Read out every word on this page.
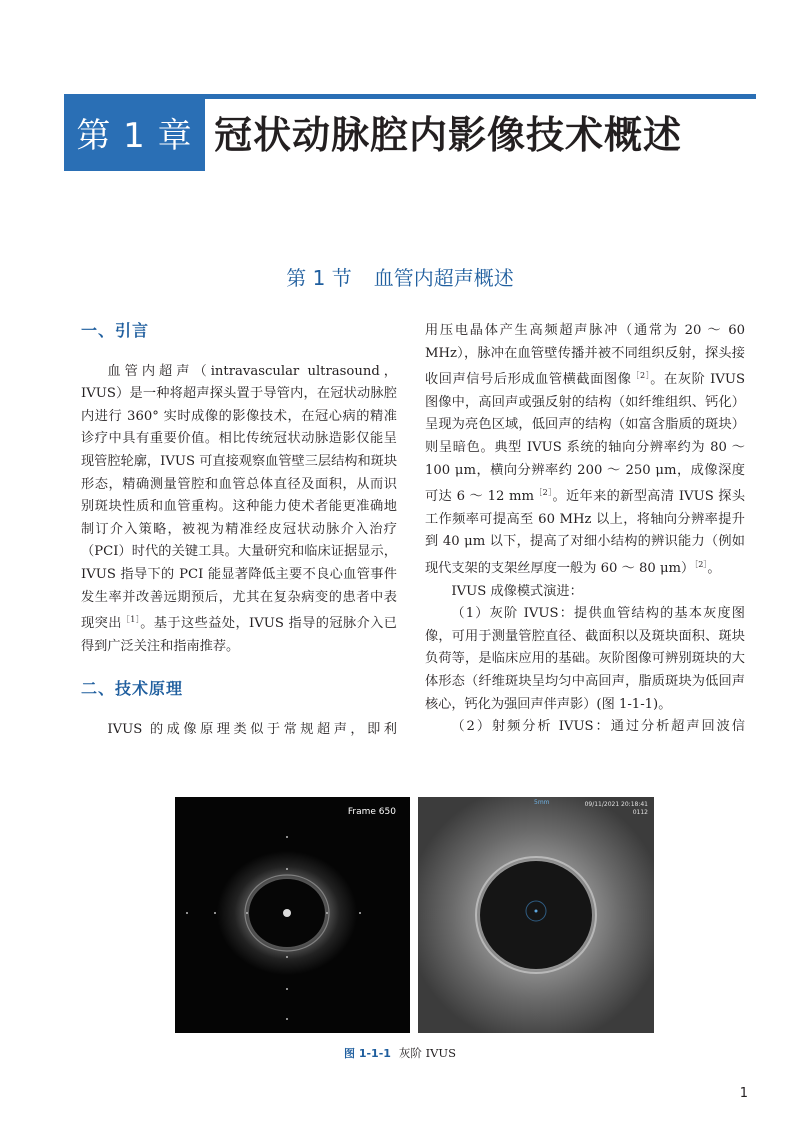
第 1 章 冠状动脉腔内影像技术概述
第 1 节 血管内超声概述

一、引言

血管内超声（intravascular ultrasound，IVUS）是一种将超声探头置于导管内，在冠状动脉腔内进行 360° 实时成像的影像技术，在冠心病的精准诊疗中具有重要价值。相比传统冠状动脉造影仅能呈现管腔轮廓，IVUS 可直接观察血管壁三层结构和斑块形态，精确测量管腔和血管总体直径及面积，从而识别斑块性质和血管重构。这种能力使术者能更准确地制订介入策略，被视为精准经皮冠状动脉介入治疗（PCI）时代的关键工具。大量研究和临床证据显示，IVUS 指导下的 PCI 能显著降低主要不良心血管事件发生率并改善远期预后，尤其在复杂病变的患者中表现突出$^{[1]}$。基于这些益处，IVUS 指导的冠脉介入已得到广泛关注和指南推荐。

二、技术原理

IVUS 的成像原理类似于常规超声，即利

用压电晶体产生高频超声脉冲（通常为 20 ～ 60 MHz），脉冲在血管壁传播并被不同组织反射，探头接收回声信号后形成血管横截面图像$^{[2]}$。在灰阶 IVUS 图像中，高回声或强反射的结构（如纤维组织、钙化）呈现为亮色区域，低回声的结构（如富含脂质的斑块）则呈暗色。典型 IVUS 系统的轴向分辨率约为 80 ～ 100 μm，横向分辨率约 200 ～ 250 μm，成像深度可达 6 ～ 12 $mm^{[2]}$。近年来的新型高清 IVUS 探头工作频率可提高至 60 MHz 以上，将轴向分辨率提升到 40 μm 以下，提高了对细小结构的辨识能力（例如现代支架的支架丝厚度一般为 60 ～ 80 μm）$^{[2]}$。

IVUS 成像模式演进：

（1）灰阶 IVUS：提供血管结构的基本灰度图像，可用于测量管腔直径、截面积以及斑块面积、斑块负荷等，是临床应用的基础。灰阶图像可辨别斑块的大体形态（纤维斑块呈均匀中高回声，脂质斑块为低回声核心，钙化为强回声伴声影）(图 1-1-1)。

（2）射频分析 IVUS：通过分析超声回波信

Frame 650
09/11/2021 20:18:41
0112
5mm
图 1-1-1 灰阶 IVUS
1
